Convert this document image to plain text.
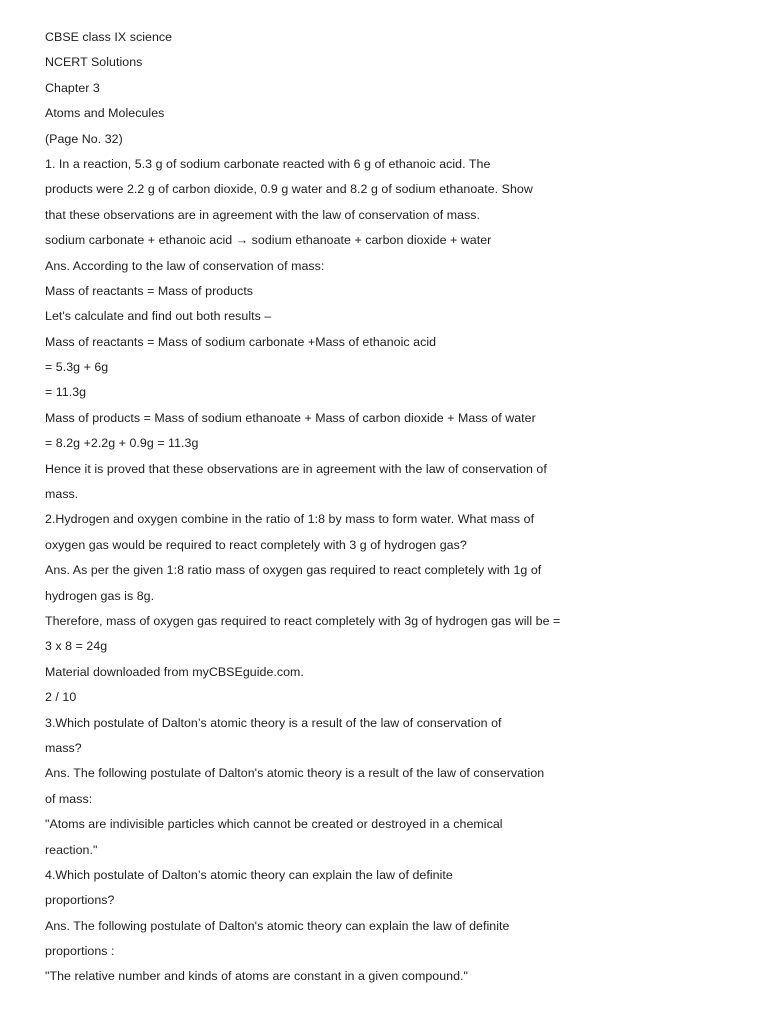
CBSE class IX science
NCERT Solutions
Chapter 3
Atoms and Molecules
(Page No. 32)
1. In a reaction, 5.3 g of sodium carbonate reacted with 6 g of ethanoic acid. The
products were 2.2 g of carbon dioxide, 0.9 g water and 8.2 g of sodium ethanoate. Show
that these observations are in agreement with the law of conservation of mass.
sodium carbonate + ethanoic acid → sodium ethanoate + carbon dioxide + water
Ans. According to the law of conservation of mass:
Mass of reactants = Mass of products
Let's calculate and find out both results –
Mass of reactants = Mass of sodium carbonate +Mass of ethanoic acid
= 5.3g + 6g
= 11.3g
Mass of products = Mass of sodium ethanoate + Mass of carbon dioxide + Mass of water
= 8.2g +2.2g + 0.9g = 11.3g
Hence it is proved that these observations are in agreement with the law of conservation of
mass.
2.Hydrogen and oxygen combine in the ratio of 1:8 by mass to form water. What mass of
oxygen gas would be required to react completely with 3 g of hydrogen gas?
Ans. As per the given 1:8 ratio mass of oxygen gas required to react completely with 1g of
hydrogen gas is 8g.
Therefore, mass of oxygen gas required to react completely with 3g of hydrogen gas will be =
3 x 8 = 24g
Material downloaded from myCBSEguide.com.
2 / 10
3.Which postulate of Dalton’s atomic theory is a result of the law of conservation of
mass?
Ans. The following postulate of Dalton's atomic theory is a result of the law of conservation
of mass:
"Atoms are indivisible particles which cannot be created or destroyed in a chemical
reaction."
4.Which postulate of Dalton’s atomic theory can explain the law of definite
proportions?
Ans. The following postulate of Dalton's atomic theory can explain the law of definite
proportions :
"The relative number and kinds of atoms are constant in a given compound."
